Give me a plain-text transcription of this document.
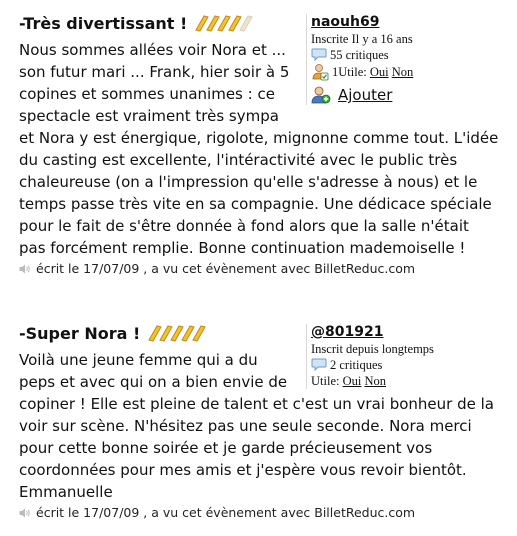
naouh69
Inscrite Il y a 16 ans
55 critiques
1Utile:
Oui
Non
Ajouter
-Très divertissant !
Nous sommes allées voir Nora et ... son futur mari ... Frank, hier soir à 5 copines et sommes unanimes : ce spectacle est vraiment très sympa et Nora y est énergique, rigolote, mignonne comme tout. L'idée du casting est excellente, l'intéractivité avec le public très chaleureuse (on a l'impression qu'elle s'adresse à nous) et le temps passe très vite en sa compagnie. Une dédicace spéciale pour le fait de s'être donnée à fond alors que la salle n'était pas forcément remplie. Bonne continuation mademoiselle !
écrit le 17/07/09 , a vu cet évènement avec BilletReduc.com
@801921
Inscrit depuis longtemps
2 critiques
Utile:
Oui
Non
-Super Nora !
Voilà une jeune femme qui a du peps et avec qui on a bien envie de copiner ! Elle est pleine de talent et c'est un vrai bonheur de la voir sur scène. N'hésitez pas une seule seconde. Nora merci pour cette bonne soirée et je garde précieusement vos coordonnées pour mes amis et j'espère vous revoir bientôt. Emmanuelle
écrit le 17/07/09 , a vu cet évènement avec BilletReduc.com
